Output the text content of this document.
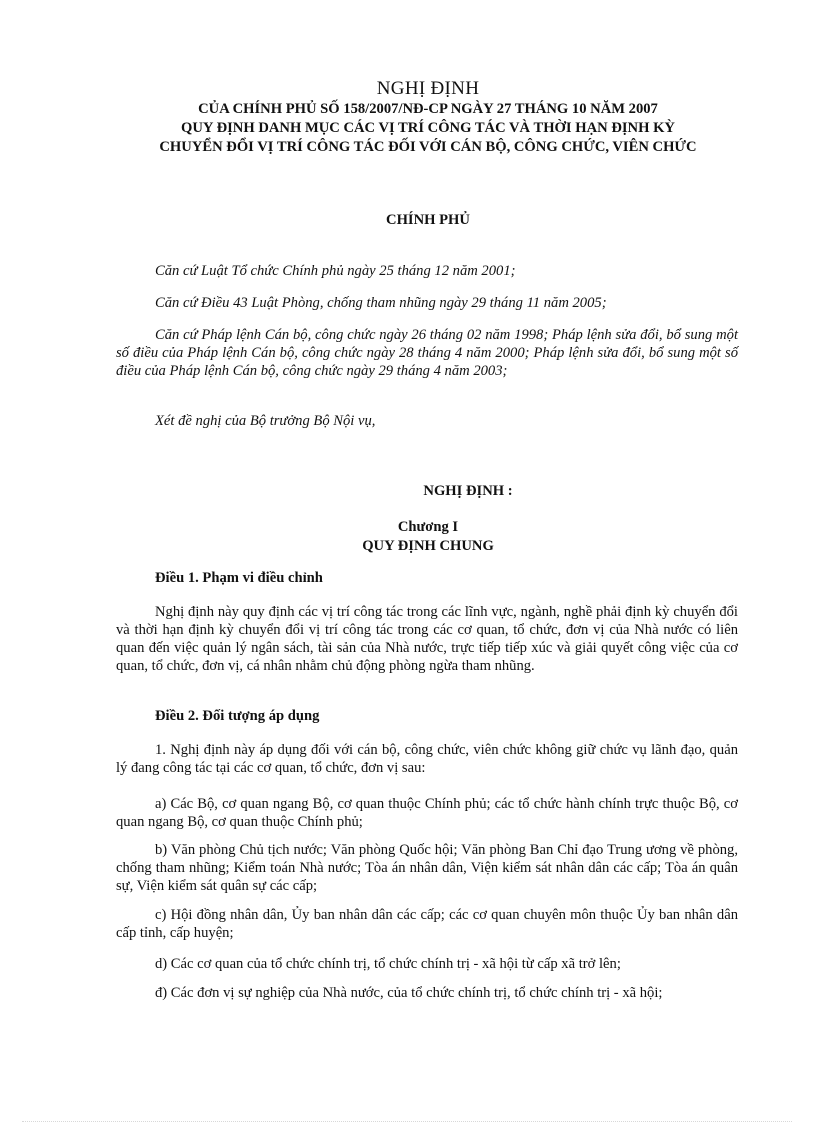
NGHỊ ĐỊNH
CỦA CHÍNH PHỦ SỐ 158/2007/NĐ-CP NGÀY 27 THÁNG 10 NĂM 2007
QUY ĐỊNH DANH MỤC CÁC VỊ TRÍ CÔNG TÁC VÀ THỜI HẠN ĐỊNH KỲ
CHUYỂN ĐỔI VỊ TRÍ CÔNG TÁC ĐỐI VỚI CÁN BỘ, CÔNG CHỨC, VIÊN CHỨC
CHÍNH PHỦ
Căn cứ Luật Tổ chức Chính phủ ngày 25 tháng 12 năm 2001;
Căn cứ Điều 43 Luật Phòng, chống tham nhũng ngày 29 tháng 11 năm 2005;
Căn cứ Pháp lệnh Cán bộ, công chức ngày 26 tháng 02 năm 1998; Pháp lệnh sửa đổi, bổ sung một số điều của Pháp lệnh Cán bộ, công chức ngày 28 tháng 4 năm 2000; Pháp lệnh sửa đổi, bổ sung một số điều của Pháp lệnh Cán bộ, công chức ngày 29 tháng 4 năm 2003;
Xét đề nghị của Bộ trưởng Bộ Nội vụ,
NGHỊ ĐỊNH :
Chương I
QUY ĐỊNH CHUNG
Điều 1. Phạm vi điều chỉnh
Nghị định này quy định các vị trí công tác trong các lĩnh vực, ngành, nghề phải định kỳ chuyển đổi và thời hạn định kỳ chuyển đổi vị trí công tác trong các cơ quan, tổ chức, đơn vị của Nhà nước có liên quan đến việc quản lý ngân sách, tài sản của Nhà nước, trực tiếp tiếp xúc và giải quyết công việc của cơ quan, tổ chức, đơn vị, cá nhân nhằm chủ động phòng ngừa tham nhũng.
Điều 2. Đối tượng áp dụng
1. Nghị định này áp dụng đối với cán bộ, công chức, viên chức không giữ chức vụ lãnh đạo, quản lý đang công tác tại các cơ quan, tổ chức, đơn vị sau:
a) Các Bộ, cơ quan ngang Bộ, cơ quan thuộc Chính phủ; các tổ chức hành chính trực thuộc Bộ, cơ quan ngang Bộ, cơ quan thuộc Chính phủ;
b) Văn phòng Chủ tịch nước; Văn phòng Quốc hội; Văn phòng Ban Chỉ đạo Trung ương về phòng, chống tham nhũng; Kiểm toán Nhà nước; Tòa án nhân dân, Viện kiểm sát nhân dân các cấp; Tòa án quân sự, Viện kiểm sát quân sự các cấp;
c) Hội đồng nhân dân, Ủy ban nhân dân các cấp; các cơ quan chuyên môn thuộc Ủy ban nhân dân cấp tỉnh, cấp huyện;
d) Các cơ quan của tổ chức chính trị, tổ chức chính trị - xã hội từ cấp xã trở lên;
đ) Các đơn vị sự nghiệp của Nhà nước, của tổ chức chính trị, tổ chức chính trị - xã hội;
